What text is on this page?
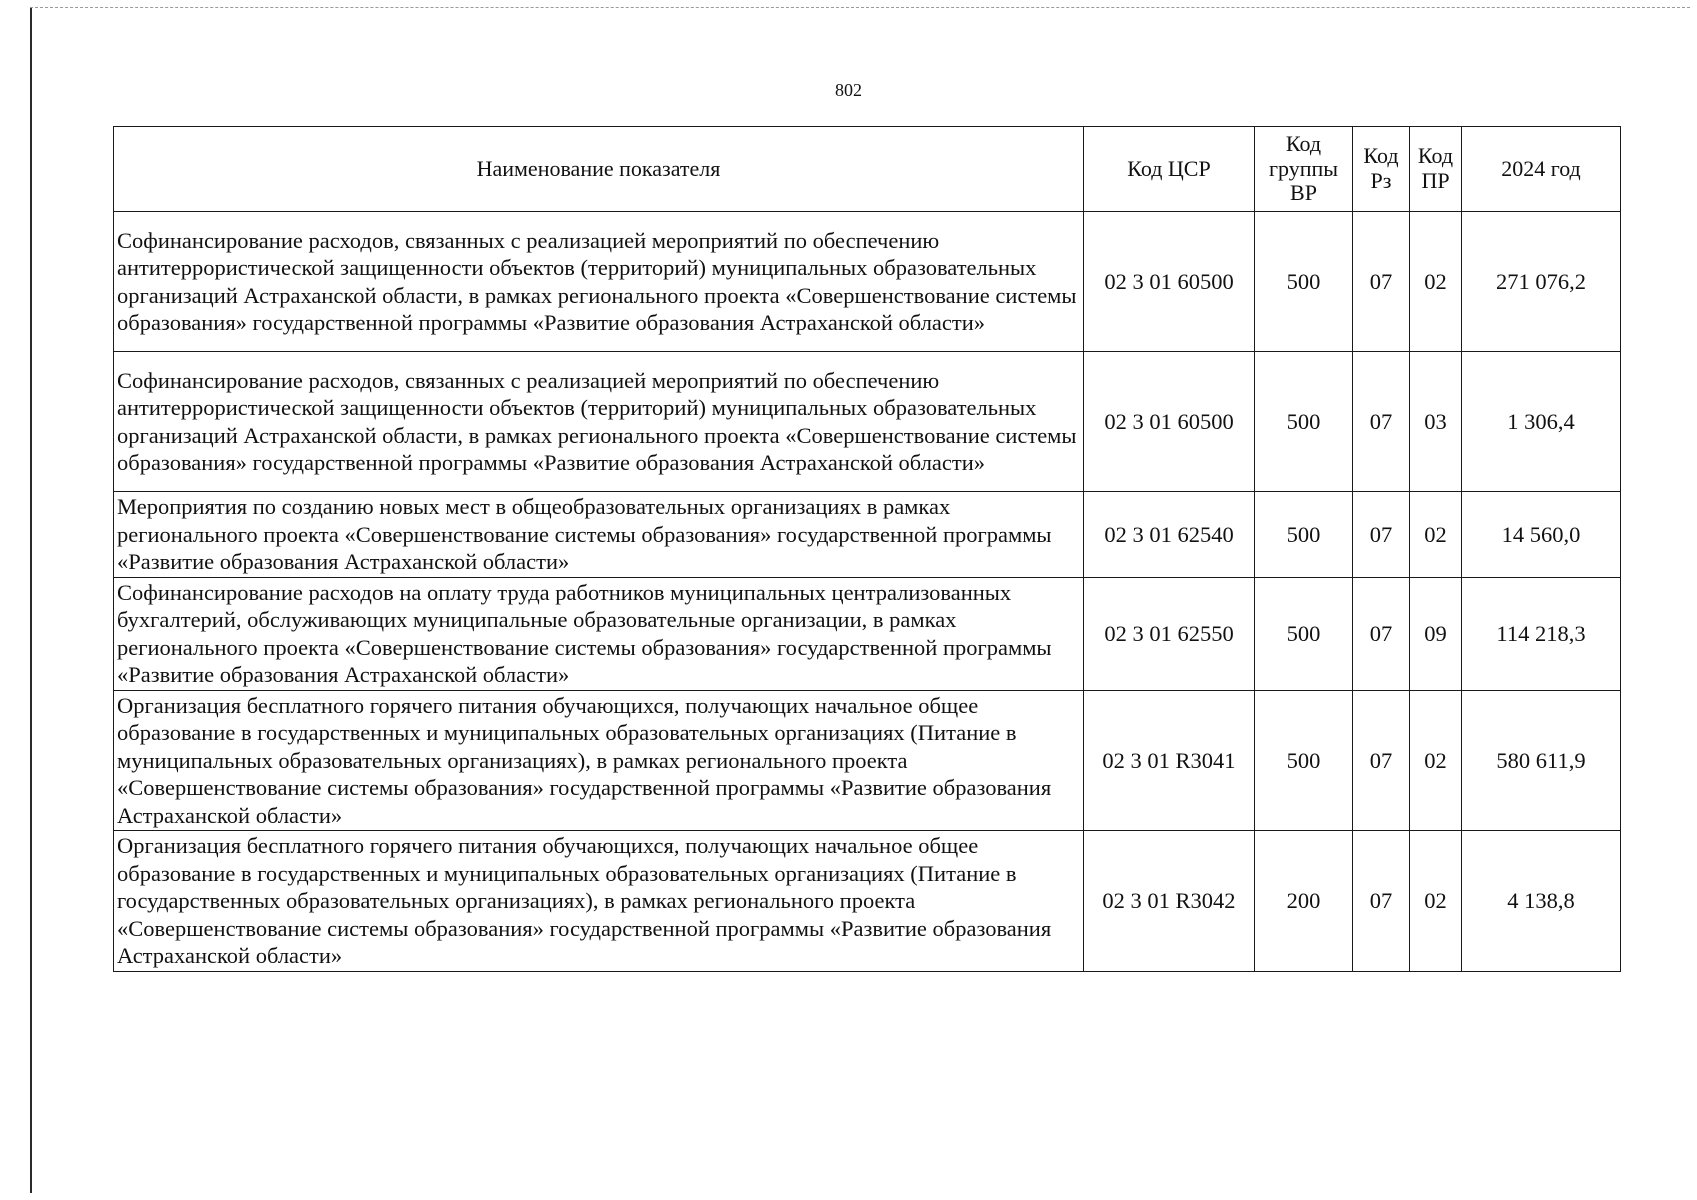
802
Наименование показателя	Код ЦСР	Код группы ВР	Код Рз	Код ПР	2024 год
Софинансирование расходов, связанных с реализацией мероприятий по обеспечению антитеррористической защищенности объектов (территорий) муниципальных образовательных организаций Астраханской области, в рамках регионального проекта «Совершенствование системы образования» государственной программы «Развитие образования Астраханской области»	02 3 01 60500	500	07	02	271 076,2
Софинансирование расходов, связанных с реализацией мероприятий по обеспечению антитеррористической защищенности объектов (территорий) муниципальных образовательных организаций Астраханской области, в рамках регионального проекта «Совершенствование системы образования» государственной программы «Развитие образования Астраханской области»	02 3 01 60500	500	07	03	1 306,4
Мероприятия по созданию новых мест в общеобразовательных организациях в рамках регионального проекта «Совершенствование системы образования» государственной программы «Развитие образования Астраханской области»	02 3 01 62540	500	07	02	14 560,0
Софинансирование расходов на оплату труда работников муниципальных централизованных бухгалтерий, обслуживающих муниципальные образовательные организации, в рамках регионального проекта «Совершенствование системы образования» государственной программы «Развитие образования Астраханской области»	02 3 01 62550	500	07	09	114 218,3
Организация бесплатного горячего питания обучающихся, получающих начальное общее образование в государственных и муниципальных образовательных организациях (Питание в муниципальных образовательных организациях), в рамках регионального проекта «Совершенствование системы образования» государственной программы «Развитие образования Астраханской области»	02 3 01 R3041	500	07	02	580 611,9
Организация бесплатного горячего питания обучающихся, получающих начальное общее образование в государственных и муниципальных образовательных организациях (Питание в государственных образовательных организациях), в рамках регионального проекта «Совершенствование системы образования» государственной программы «Развитие образования Астраханской области»	02 3 01 R3042	200	07	02	4 138,8
